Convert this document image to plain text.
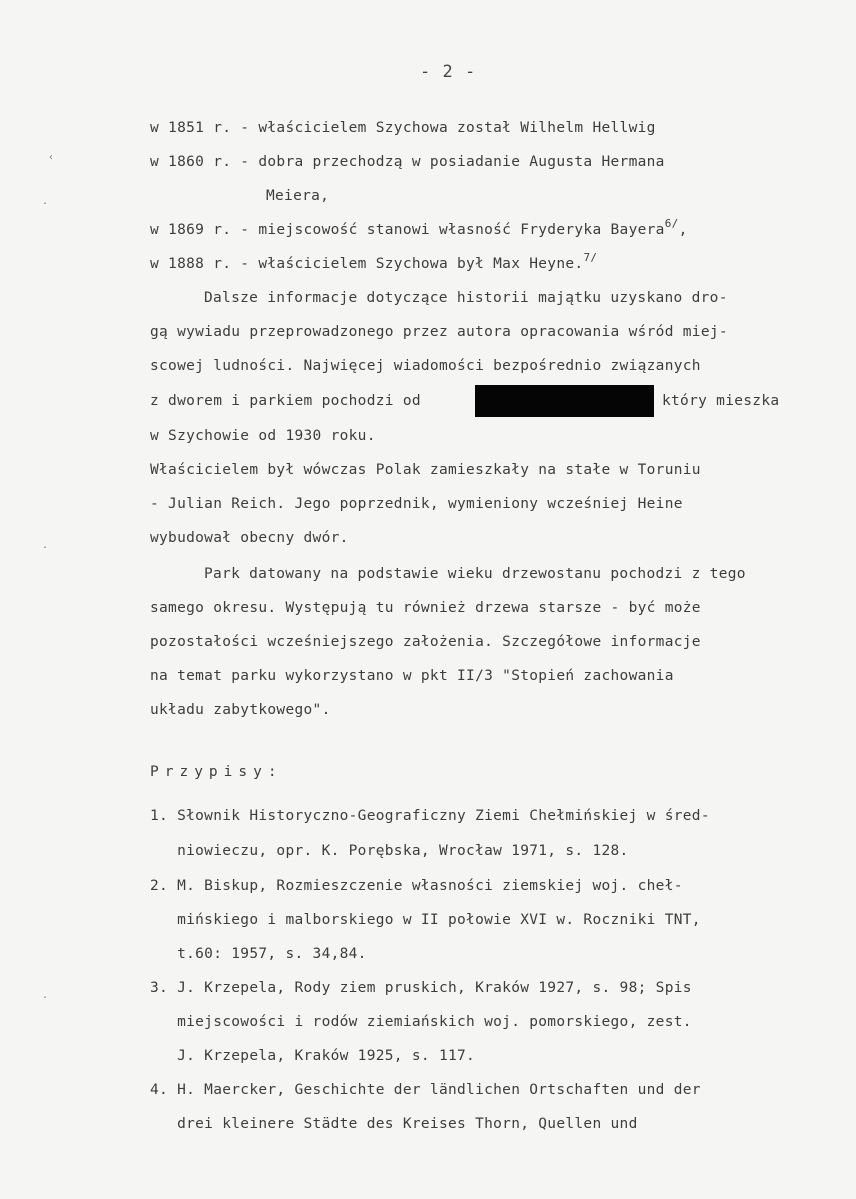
- 2 -
‹
.
.
.
w 1851 r. - właścicielem Szychowa został Wilhelm Hellwig
w 1860 r. - dobra przechodzą w posiadanie Augusta Hermana
Meiera,
w 1869 r. - miejscowość stanowi własność Fryderyka Bayera$^{6/}$,
w 1888 r. - właścicielem Szychowa był Max Heyne.$^{7/}$
Dalsze informacje dotyczące historii majątku uzyskano dro-
gą wywiadu przeprowadzonego przez autora opracowania wśród miej-
scowej ludności. Najwięcej wiadomości bezpośrednio związanych
z dworem i parkiem pochodzi od	który mieszka
w Szychowie od 1930 roku.
Właścicielem był wówczas Polak zamieszkały na stałe w Toruniu
- Julian Reich. Jego poprzednik, wymieniony wcześniej Heine
wybudował obecny dwór.
Park datowany na podstawie wieku drzewostanu pochodzi z tego
samego okresu. Występują tu również drzewa starsze - być może
pozostałości wcześniejszego założenia. Szczegółowe informacje
na temat parku wykorzystano w pkt II/3 "Stopień zachowania
układu zabytkowego".
Przypisy:
1. Słownik Historyczno-Geograficzny Ziemi Chełmińskiej w śred-
niowieczu, opr. K. Porębska, Wrocław 1971, s. 128.
2. M. Biskup, Rozmieszczenie własności ziemskiej woj. cheł-
mińskiego i malborskiego w II połowie XVI w. Roczniki TNT,
t.60: 1957, s. 34,84.
3. J. Krzepela, Rody ziem pruskich, Kraków 1927, s. 98; Spis
miejscowości i rodów ziemiańskich woj. pomorskiego, zest.
J. Krzepela, Kraków 1925, s. 117.
4. H. Maercker, Geschichte der ländlichen Ortschaften und der
drei kleinere Städte des Kreises Thorn, Quellen und
